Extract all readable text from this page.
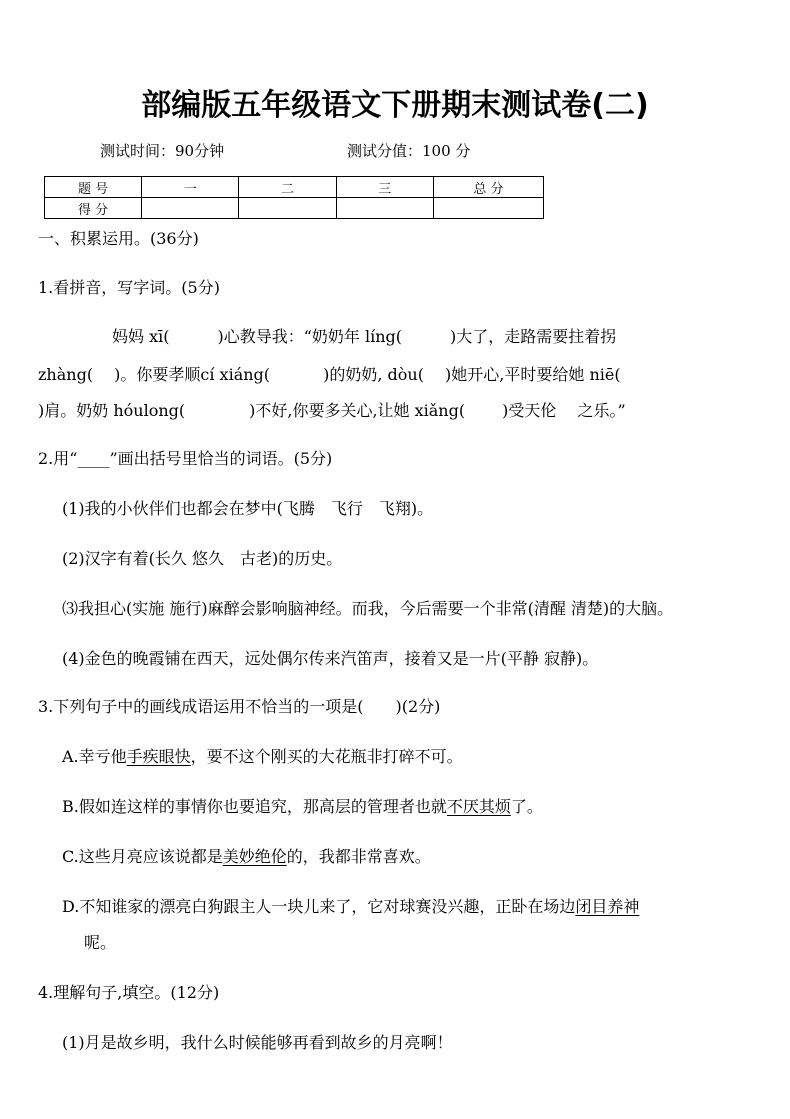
部编版五年级语文下册期末测试卷(二)
测试时间：90分钟	测试分值：100 分
题 号	一	二	三	总 分
得 分				
一、积累运用。(36分)
1.看拼音，写字词。(5分)
妈妈 xī(　　　)心教导我：“奶奶年 líng(　　　)大了，走路需要拄着拐
zhàng(　 )。你要孝顺cí xiáng(　　　 )的奶奶, dòu(　 )她开心,平时要给她 niē(
)肩。奶奶 hóulong(　　　　)不好,你要多关心,让她 xiǎng(　　 )受天伦　 之乐。”
2.用“____”画出括号里恰当的词语。(5分)
(1)我的小伙伴们也都会在梦中(飞腾　飞行　飞翔)。
(2)汉字有着(长久 悠久　古老)的历史。
⑶我担心(实施 施行)麻醉会影响脑神经。而我，今后需要一个非常(清醒 清楚)的大脑。
(4)金色的晚霞铺在西天，远处偶尔传来汽笛声，接着又是一片(平静 寂静)。
3.下列句子中的画线成语运用不恰当的一项是(　　)(2分)
A.幸亏他手疾眼快，要不这个刚买的大花瓶非打碎不可。
B.假如连这样的事情你也要追究，那高层的管理者也就不厌其烦了。
C.这些月亮应该说都是美妙绝伦的，我都非常喜欢。
D.不知谁家的漂亮白狗跟主人一块儿来了，它对球赛没兴趣，正卧在场边闭目养神
呢。
4.理解句子,填空。(12分)
(1)月是故乡明，我什么时候能够再看到故乡的月亮啊！
